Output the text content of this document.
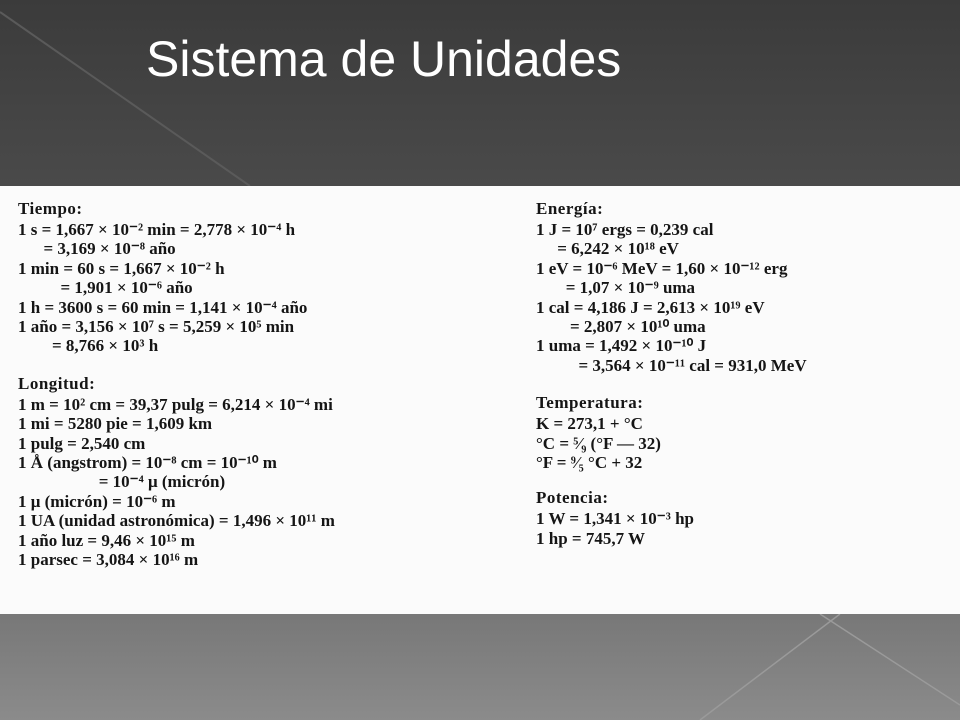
Sistema de Unidades
Tiempo:
1 s = 1,667 × 10⁻² min = 2,778 × 10⁻⁴ h
= 3,169 × 10⁻⁸ año
1 min = 60 s = 1,667 × 10⁻² h
= 1,901 × 10⁻⁶ año
1 h = 3600 s = 60 min = 1,141 × 10⁻⁴ año
1 año = 3,156 × 10⁷ s = 5,259 × 10⁵ min
= 8,766 × 10³ h
Longitud:
1 m = 10² cm = 39,37 pulg = 6,214 × 10⁻⁴ mi
1 mi = 5280 pie = 1,609 km
1 pulg = 2,540 cm
1 Å (angstrom) = 10⁻⁸ cm = 10⁻¹⁰ m
= 10⁻⁴ μ (micrón)
1 μ (micrón) = 10⁻⁶ m
1 UA (unidad astronómica) = 1,496 × 10¹¹ m
1 año luz = 9,46 × 10¹⁵ m
1 parsec = 3,084 × 10¹⁶ m
Energía:
1 J = 10⁷ ergs = 0,239 cal
= 6,242 × 10¹⁸ eV
1 eV = 10⁻⁶ MeV = 1,60 × 10⁻¹² erg
= 1,07 × 10⁻⁹ uma
1 cal = 4,186 J = 2,613 × 10¹⁹ eV
= 2,807 × 10¹⁰ uma
1 uma = 1,492 × 10⁻¹⁰ J
= 3,564 × 10⁻¹¹ cal = 931,0 MeV
Temperatura:
K = 273,1 + °C
°C = ⁵⁄₉ (°F — 32)
°F = ⁹⁄₅ °C + 32
Potencia:
1 W = 1,341 × 10⁻³ hp
1 hp = 745,7 W
